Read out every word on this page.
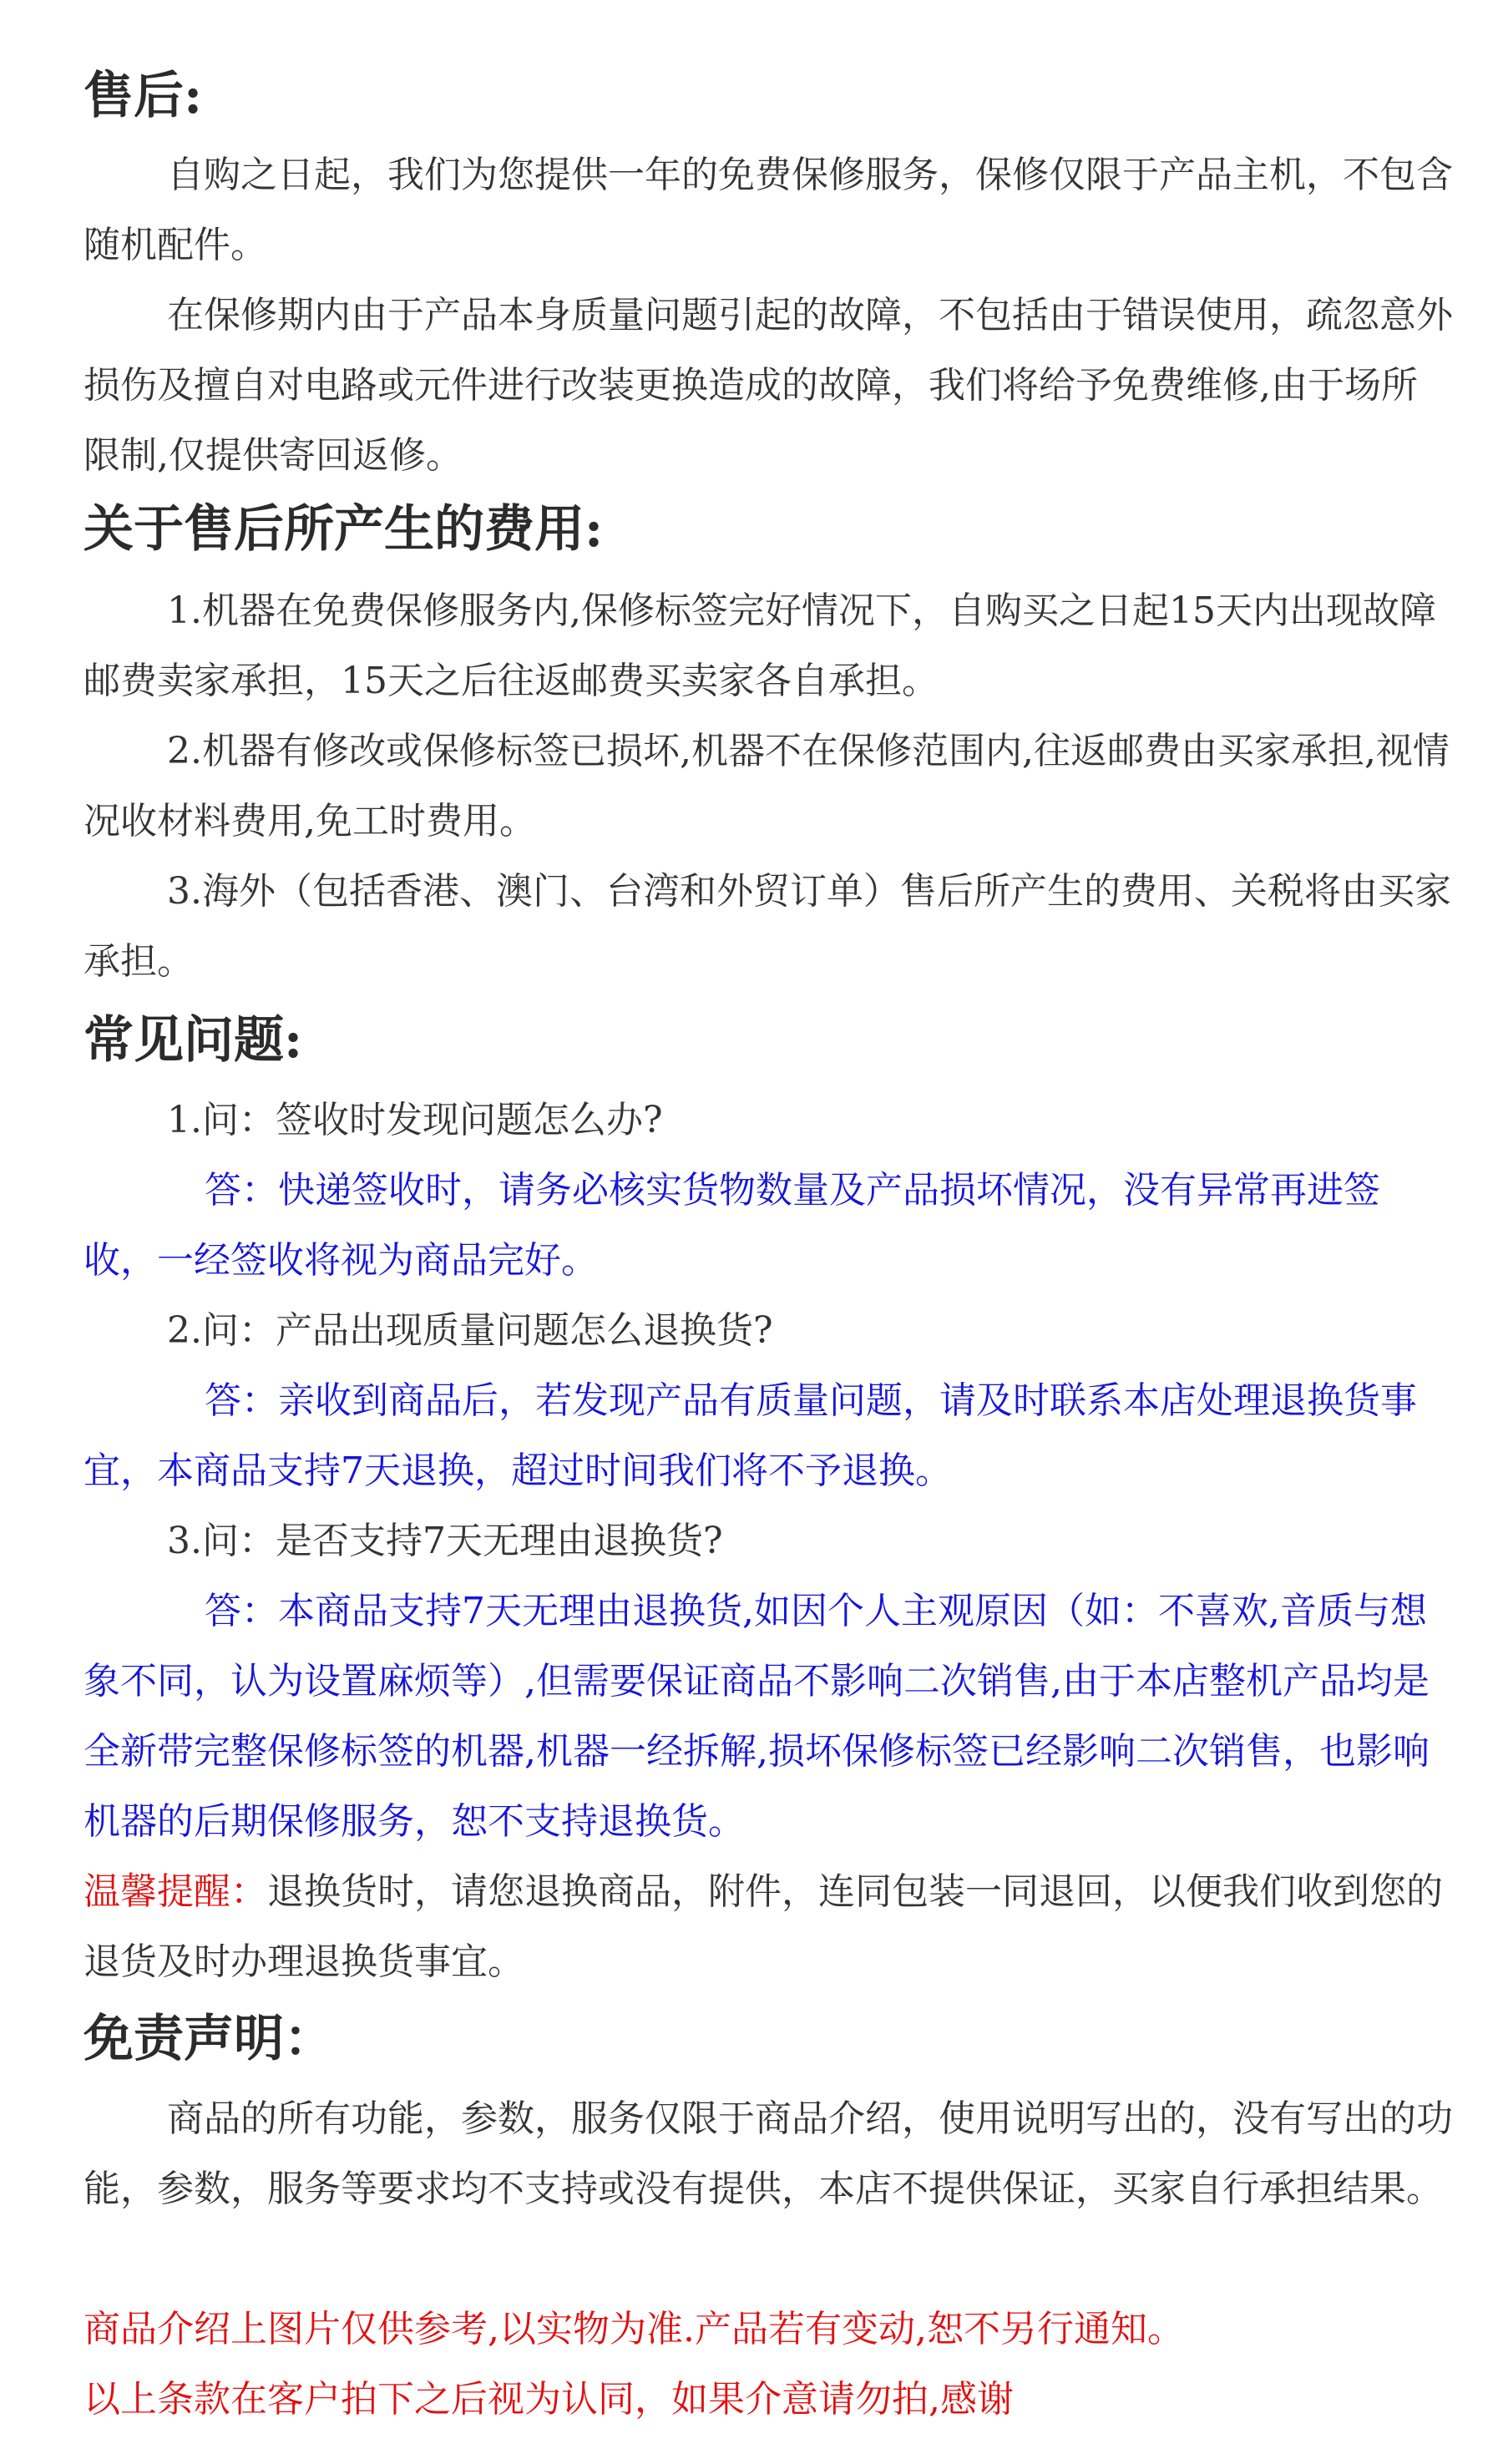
售后:

自购之日起，我们为您提供一年的免费保修服务，保修仅限于产品主机，不包含随机配件。

在保修期内由于产品本身质量问题引起的故障，不包括由于错误使用，疏忽意外损伤及擅自对电路或元件进行改装更换造成的故障，我们将给予免费维修,由于场所限制,仅提供寄回返修。

关于售后所产生的费用:

1.机器在免费保修服务内,保修标签完好情况下，自购买之日起15天内出现故障邮费卖家承担，15天之后往返邮费买卖家各自承担。

2.机器有修改或保修标签已损坏,机器不在保修范围内,往返邮费由买家承担,视情况收材料费用,免工时费用。

3.海外（包括香港、澳门、台湾和外贸订单）售后所产生的费用、关税将由买家承担。

常见问题:

1.问：签收时发现问题怎么办?

答：快递签收时，请务必核实货物数量及产品损坏情况，没有异常再进签收，一经签收将视为商品完好。

2.问：产品出现质量问题怎么退换货?

答：亲收到商品后，若发现产品有质量问题，请及时联系本店处理退换货事宜，本商品支持7天退换，超过时间我们将不予退换。

3.问：是否支持7天无理由退换货?

答：本商品支持7天无理由退换货,如因个人主观原因（如：不喜欢,音质与想象不同，认为设置麻烦等）,但需要保证商品不影响二次销售,由于本店整机产品均是全新带完整保修标签的机器,机器一经拆解,损坏保修标签已经影响二次销售，也影响机器的后期保修服务，恕不支持退换货。

温馨提醒：退换货时，请您退换商品，附件，连同包装一同退回，以便我们收到您的退货及时办理退换货事宜。

免责声明：

商品的所有功能，参数，服务仅限于商品介绍，使用说明写出的，没有写出的功能，参数，服务等要求均不支持或没有提供，本店不提供保证，买家自行承担结果。

商品介绍上图片仅供参考,以实物为准.产品若有变动,恕不另行通知。

以上条款在客户拍下之后视为认同，如果介意请勿拍,感谢
